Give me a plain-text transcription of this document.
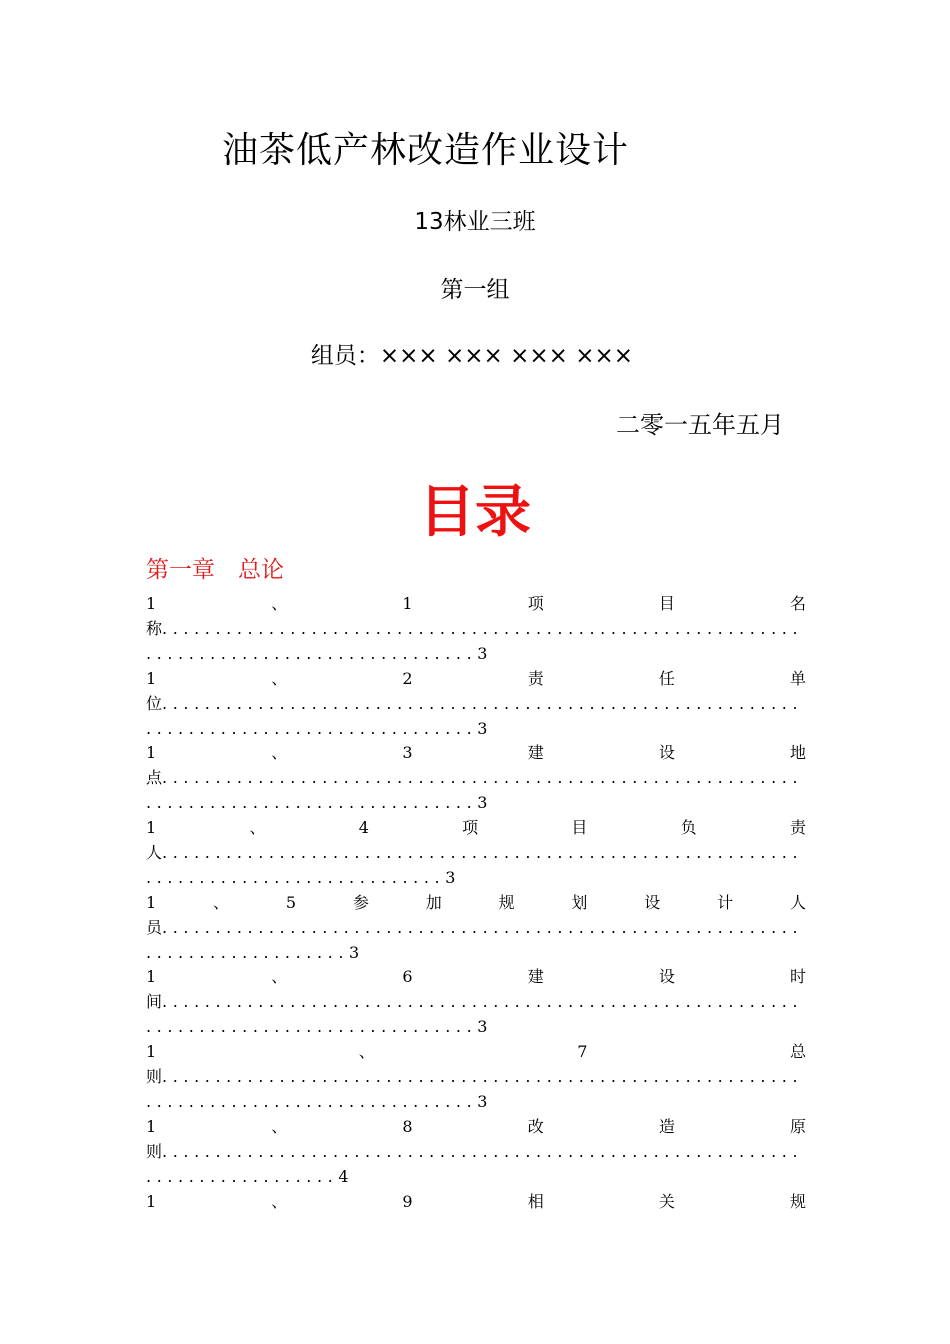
油茶低产林改造作业设计
13林业三班
第一组
组员：××× ××× ××× ×××
二零一五年五月
目录
第一章　总论
1	、	1	项	目	名
称............................................................
............................... 3
1	、	2	责	任	单
位............................................................
............................... 3
1	、	3	建	设	地
点............................................................
............................... 3
1	、	4	项	目	负	责
人............................................................
............................ 3
1	、	5	参	加	规	划	设	计	人
员............................................................
................... 3
1	、	6	建	设	时
间............................................................
............................... 3
1	、	7	总
则............................................................
............................... 3
1	、	8	改	造	原
则............................................................
.................. 4
1	、	9	相	关	规
